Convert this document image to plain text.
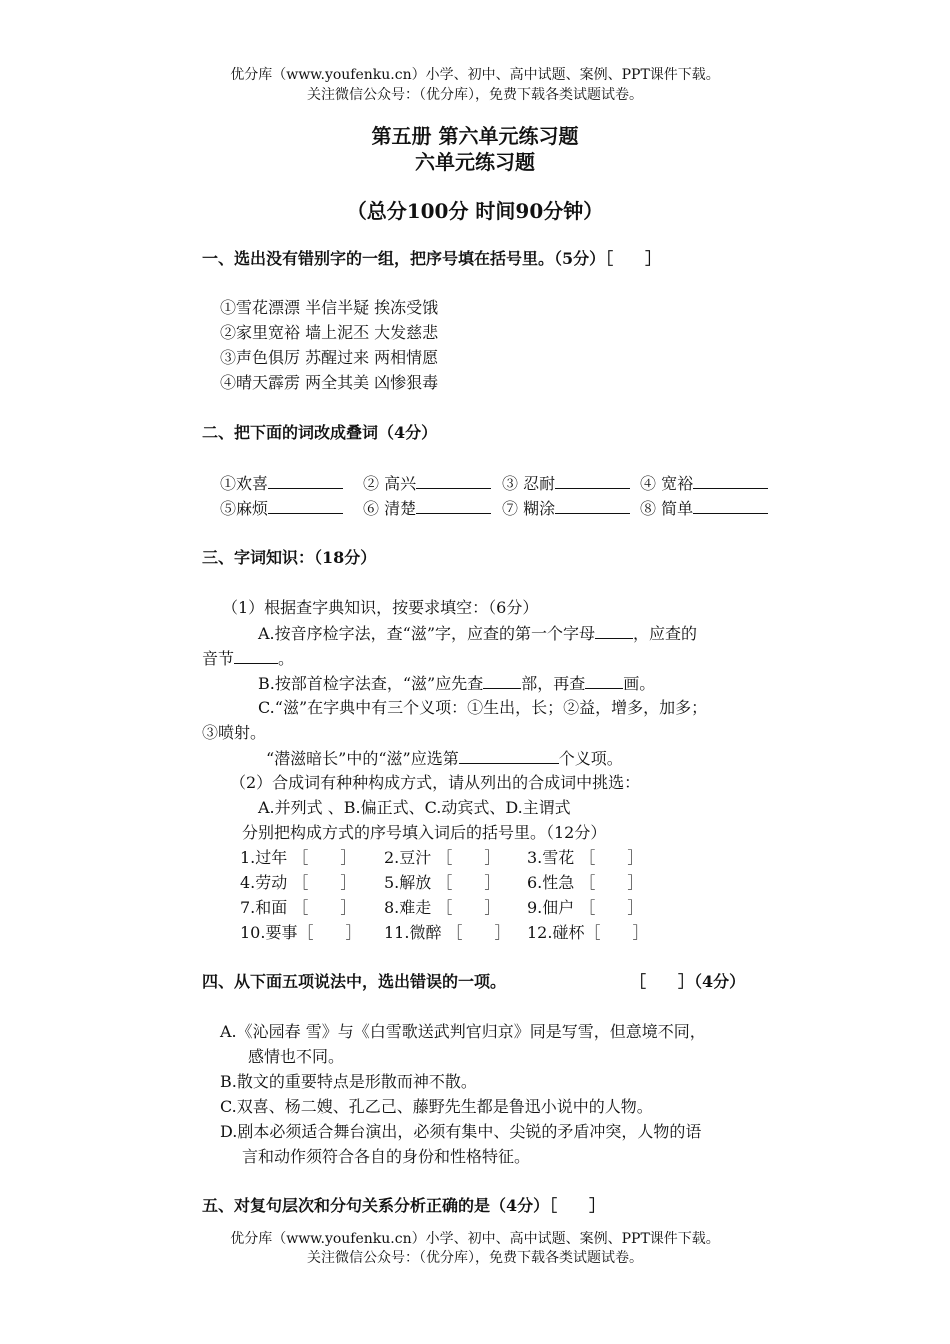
优分库（www.youfenku.cn）小学、初中、高中试题、案例、PPT课件下载。
关注微信公众号：（优分库），免费下载各类试题试卷。
第五册 第六单元练习题
六单元练习题
（总分100分 时间90分钟）
一、选出没有错别字的一组，把序号填在括号里。（5分）［　　］
①雪花漂漂 半信半疑 挨冻受饿
②家里宽裕 墙上泥丕 大发慈悲
③声色俱厉 苏醒过来 两相情愿
④晴天霹雳 两全其美 凶惨狠毒
二、把下面的词改成叠词（4分）
①欢喜	② 高兴	③ 忍耐	④ 宽裕
⑤麻烦	⑥ 清楚	⑦ 糊涂	⑧ 简单
三、字词知识：（18分）
（1）根据查字典知识，按要求填空：（6分）
A.按音序检字法，查“滋”字，应查的第一个字母 ，应查的
音节	。
B.按部首检字法查，“滋”应先查 部，再查 画。
C.“滋”在字典中有三个义项：①生出，长；②益，增多，加多；
③喷射。
“潜滋暗长”中的“滋”应选第	个义项。
（2）合成词有种种构成方式，请从列出的合成词中挑选：
A.并列式 、B.偏正式、C.动宾式、D.主谓式
分别把构成方式的序号填入词后的括号里。（12分）
1.过年 ［　　］ 2.豆汁 ［　　］ 3.雪花 ［　　］
4.劳动 ［　　］ 5.解放 ［　　］ 6.性急 ［　　］
7.和面 ［　　］ 8.难走 ［　　］ 9.佃户 ［　　］
10.要事［　　］ 11.微醉 ［　　］ 12.碰杯［　　］
四、从下面五项说法中，选出错误的一项。	［　　］（4分）
A.《沁园春 雪》与《白雪歌送武判官归京》同是写雪，但意境不同，
感情也不同。
B.散文的重要特点是形散而神不散。
C.双喜、杨二嫂、孔乙己、藤野先生都是鲁迅小说中的人物。
D.剧本必须适合舞台演出，必须有集中、尖锐的矛盾冲突，人物的语
言和动作须符合各自的身份和性格特征。
五、对复句层次和分句关系分析正确的是（4分）［　　］
优分库（www.youfenku.cn）小学、初中、高中试题、案例、PPT课件下载。
关注微信公众号：（优分库），免费下载各类试题试卷。
